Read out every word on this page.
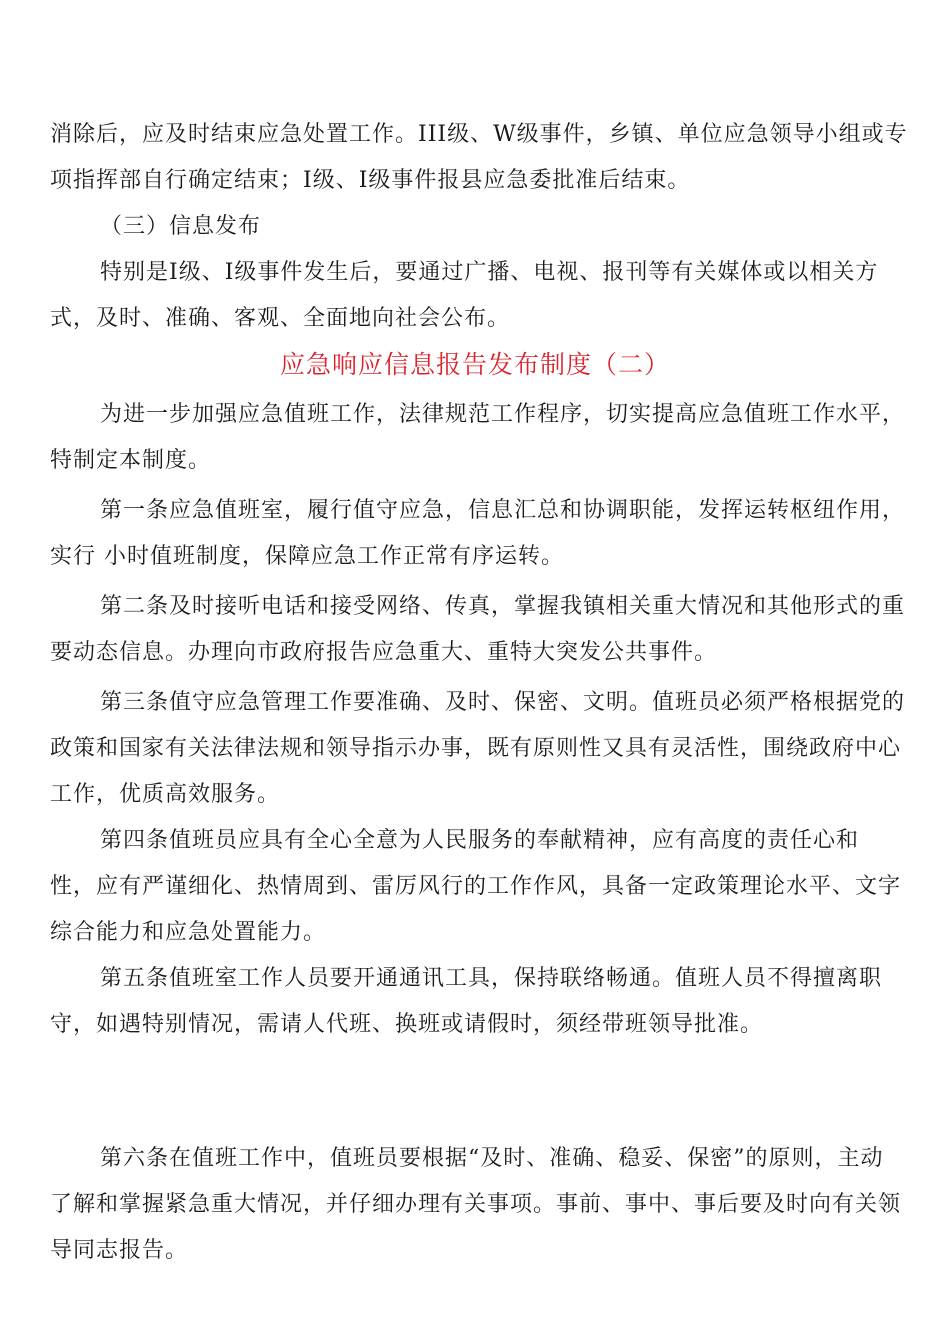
消除后，应及时结束应急处置工作。III级、W级事件，乡镇、单位应急领导小组或专
项指挥部自行确定结束；I级、I级事件报县应急委批准后结束。
（三）信息发布
特别是I级、I级事件发生后，要通过广播、电视、报刊等有关媒体或以相关方
式，及时、准确、客观、全面地向社会公布。
应急响应信息报告发布制度（二）
为进一步加强应急值班工作，法律规范工作程序，切实提高应急值班工作水平，
特制定本制度。
第一条应急值班室，履行值守应急，信息汇总和协调职能，发挥运转枢纽作用，
实行 小时值班制度，保障应急工作正常有序运转。
第二条及时接听电话和接受网络、传真，掌握我镇相关重大情况和其他形式的重
要动态信息。办理向市政府报告应急重大、重特大突发公共事件。
第三条值守应急管理工作要准确、及时、保密、文明。值班员必须严格根据党的
政策和国家有关法律法规和领导指示办事，既有原则性又具有灵活性，围绕政府中心
工作，优质高效服务。
第四条值班员应具有全心全意为人民服务的奉献精神，应有高度的责任心和
性，应有严谨细化、热情周到、雷厉风行的工作作风，具备一定政策理论水平、文字
综合能力和应急处置能力。
第五条值班室工作人员要开通通讯工具，保持联络畅通。值班人员不得擅离职
守，如遇特别情况，需请人代班、换班或请假时，须经带班领导批准。
第六条在值班工作中，值班员要根据“及时、准确、稳妥、保密”的原则，主动
了解和掌握紧急重大情况，并仔细办理有关事项。事前、事中、事后要及时向有关领
导同志报告。
